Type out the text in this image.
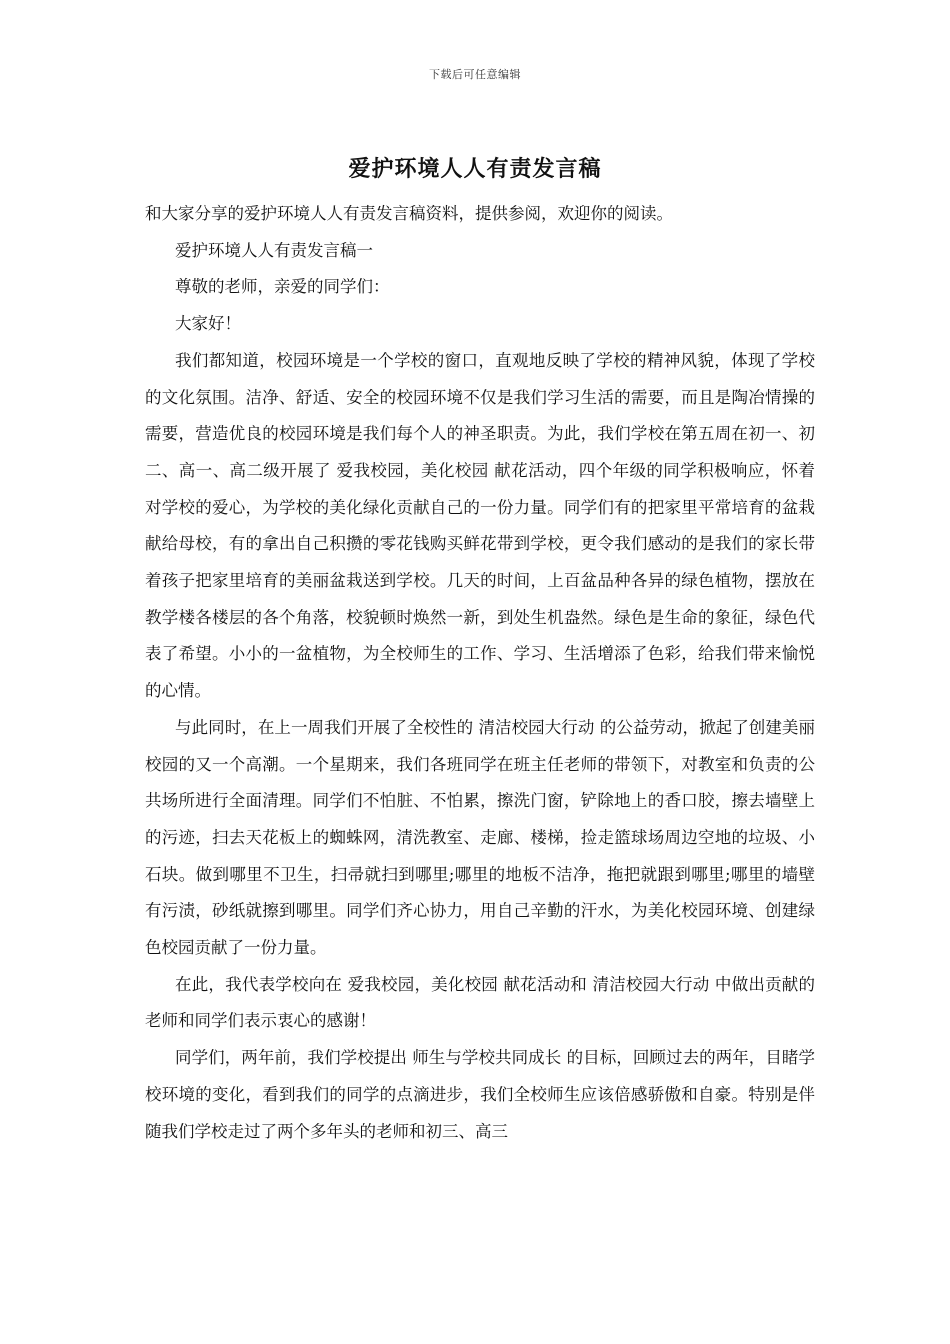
下载后可任意编辑
爱护环境人人有责发言稿

和大家分享的爱护环境人人有责发言稿资料，提供参阅，欢迎你的阅读。

爱护环境人人有责发言稿一

尊敬的老师，亲爱的同学们：

大家好！

我们都知道，校园环境是一个学校的窗口，直观地反映了学校的精神风貌，体现了学校的文化氛围。洁净、舒适、安全的校园环境不仅是我们学习生活的需要，而且是陶冶情操的需要，营造优良的校园环境是我们每个人的神圣职责。为此，我们学校在第五周在初一、初二、高一、高二级开展了 爱我校园，美化校园 献花活动，四个年级的同学积极响应，怀着对学校的爱心，为学校的美化绿化贡献自己的一份力量。同学们有的把家里平常培育的盆栽献给母校，有的拿出自己积攒的零花钱购买鲜花带到学校，更令我们感动的是我们的家长带着孩子把家里培育的美丽盆栽送到学校。几天的时间，上百盆品种各异的绿色植物，摆放在教学楼各楼层的各个角落，校貌顿时焕然一新，到处生机盎然。绿色是生命的象征，绿色代表了希望。小小的一盆植物，为全校师生的工作、学习、生活增添了色彩，给我们带来愉悦的心情。

与此同时，在上一周我们开展了全校性的 清洁校园大行动 的公益劳动，掀起了创建美丽校园的又一个高潮。一个星期来，我们各班同学在班主任老师的带领下，对教室和负责的公共场所进行全面清理。同学们不怕脏、不怕累，擦洗门窗，铲除地上的香口胶，擦去墙壁上的污迹，扫去天花板上的蜘蛛网，清洗教室、走廊、楼梯，捡走篮球场周边空地的垃圾、小石块。做到哪里不卫生，扫帚就扫到哪里;哪里的地板不洁净，拖把就跟到哪里;哪里的墙壁有污渍，砂纸就擦到哪里。同学们齐心协力，用自己辛勤的汗水，为美化校园环境、创建绿色校园贡献了一份力量。

在此，我代表学校向在 爱我校园，美化校园 献花活动和 清洁校园大行动 中做出贡献的老师和同学们表示衷心的感谢！

同学们，两年前，我们学校提出 师生与学校共同成长 的目标，回顾过去的两年，目睹学校环境的变化，看到我们的同学的点滴进步，我们全校师生应该倍感骄傲和自豪。特别是伴随我们学校走过了两个多年头的老师和初三、高三
